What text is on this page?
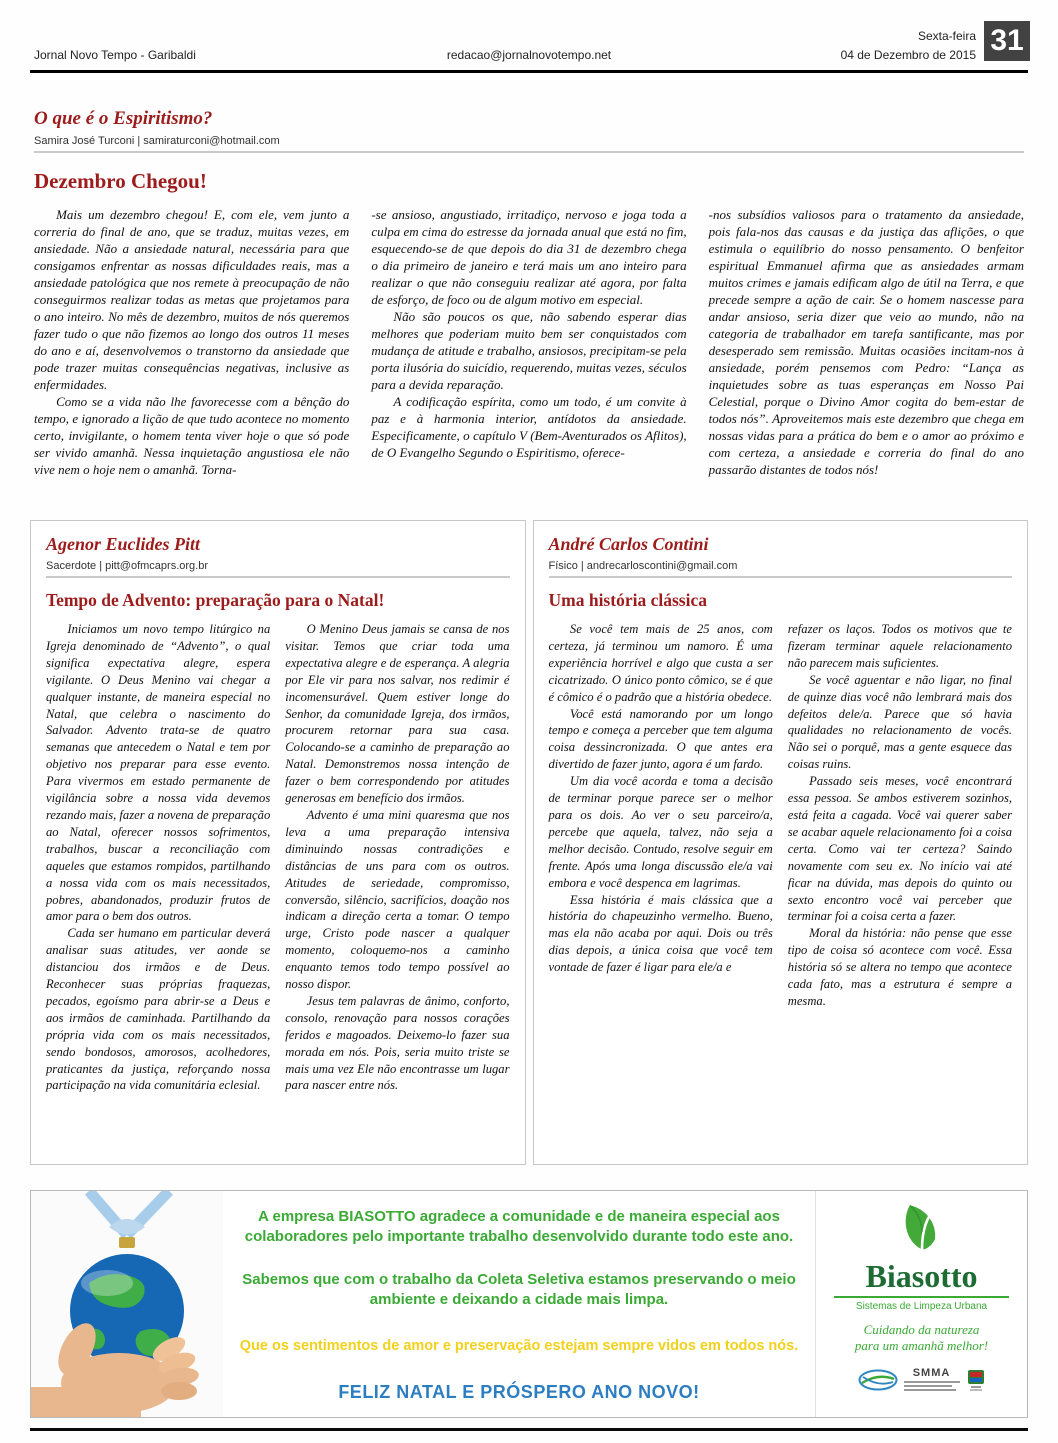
Jornal Novo Tempo - Garibaldi	redacao@jornalnovotempo.net
Sexta-feira
04 de Dezembro de 2015 31
O que é o Espiritismo?
Samira José Turconi | samiraturconi@hotmail.com
Dezembro Chegou!

Mais um dezembro chegou! E, com ele, vem junto a correria do final de ano, que se traduz, muitas vezes, em ansiedade. Não a ansiedade natural, necessária para que consigamos enfrentar as nossas dificuldades reais, mas a ansiedade patológica que nos remete à preocupação de não conseguirmos realizar todas as metas que projetamos para o ano inteiro. No mês de dezembro, muitos de nós queremos fazer tudo o que não fizemos ao longo dos outros 11 meses do ano e aí, desenvolvemos o transtorno da ansiedade que pode trazer muitas consequências negativas, inclusive as enfermidades.

Como se a vida não lhe favorecesse com a bênção do tempo, e ignorado a lição de que tudo acontece no momento certo, invigilante, o homem tenta viver hoje o que só pode ser vivido amanhã. Nessa inquietação angustiosa ele não vive nem o hoje nem o amanhã. Torna-

-se ansioso, angustiado, irritadiço, nervoso e joga toda a culpa em cima do estresse da jornada anual que está no fim, esquecendo-se de que depois do dia 31 de dezembro chega o dia primeiro de janeiro e terá mais um ano inteiro para realizar o que não conseguiu realizar até agora, por falta de esforço, de foco ou de algum motivo em especial.

Não são poucos os que, não sabendo esperar dias melhores que poderiam muito bem ser conquistados com mudança de atitude e trabalho, ansiosos, precipitam-se pela porta ilusória do suicídio, requerendo, muitas vezes, séculos para a devida reparação.

A codificação espírita, como um todo, é um convite à paz e à harmonia interior, antídotos da ansiedade. Especificamente, o capítulo V (Bem-Aventurados os Aflitos), de O Evangelho Segundo o Espiritismo, oferece-

-nos subsídios valiosos para o tratamento da ansiedade, pois fala-nos das causas e da justiça das aflições, o que estimula o equilíbrio do nosso pensamento. O benfeitor espiritual Emmanuel afirma que as ansiedades armam muitos crimes e jamais edificam algo de útil na Terra, e que precede sempre a ação de cair. Se o homem nascesse para andar ansioso, seria dizer que veio ao mundo, não na categoria de trabalhador em tarefa santificante, mas por desesperado sem remissão. Muitas ocasiões incitam-nos à ansiedade, porém pensemos com Pedro: “Lança as inquietudes sobre as tuas esperanças em Nosso Pai Celestial, porque o Divino Amor cogita do bem-estar de todos nós”. Aproveitemos mais este dezembro que chega em nossas vidas para a prática do bem e o amor ao próximo e com certeza, a ansiedade e correria do final do ano passarão distantes de todos nós!

Agenor Euclides Pitt
Sacerdote | pitt@ofmcaprs.org.br
Tempo de Advento: preparação para o Natal!

Iniciamos um novo tempo litúrgico na Igreja denominado de “Advento”, o qual significa expectativa alegre, espera vigilante. O Deus Menino vai chegar a qualquer instante, de maneira especial no Natal, que celebra o nascimento do Salvador. Advento trata-se de quatro semanas que antecedem o Natal e tem por objetivo nos preparar para esse evento. Para vivermos em estado permanente de vigilância sobre a nossa vida devemos rezando mais, fazer a novena de preparação ao Natal, oferecer nossos sofrimentos, trabalhos, buscar a reconciliação com aqueles que estamos rompidos, partilhando a nossa vida com os mais necessitados, pobres, abandonados, produzir frutos de amor para o bem dos outros.

Cada ser humano em particular deverá analisar suas atitudes, ver aonde se distanciou dos irmãos e de Deus. Reconhecer suas próprias fraquezas, pecados, egoísmo para abrir-se a Deus e aos irmãos de caminhada. Partilhando da própria vida com os mais necessitados, sendo bondosos, amorosos, acolhedores, praticantes da justiça, reforçando nossa participação na vida comunitária eclesial.

O Menino Deus jamais se cansa de nos visitar. Temos que criar toda uma expectativa alegre e de esperança. A alegria por Ele vir para nos salvar, nos redimir é incomensurável. Quem estiver longe do Senhor, da comunidade Igreja, dos irmãos, procurem retornar para sua casa. Colocando-se a caminho de preparação ao Natal. Demonstremos nossa intenção de fazer o bem correspondendo por atitudes generosas em benefício dos irmãos.

Advento é uma mini quaresma que nos leva a uma preparação intensiva diminuindo nossas contradições e distâncias de uns para com os outros. Atitudes de seriedade, compromisso, conversão, silêncio, sacrifícios, doação nos indicam a direção certa a tomar. O tempo urge, Cristo pode nascer a qualquer momento, coloquemo-nos a caminho enquanto temos todo tempo possível ao nosso dispor.

Jesus tem palavras de ânimo, conforto, consolo, renovação para nossos corações feridos e magoados. Deixemo-lo fazer sua morada em nós. Pois, seria muito triste se mais uma vez Ele não encontrasse um lugar para nascer entre nós.

André Carlos Contini
Físico | andrecarloscontini@gmail.com
Uma história clássica

Se você tem mais de 25 anos, com certeza, já terminou um namoro. É uma experiência horrível e algo que custa a ser cicatrizado. O único ponto cômico, se é que é cômico é o padrão que a história obedece.

Você está namorando por um longo tempo e começa a perceber que tem alguma coisa dessincronizada. O que antes era divertido de fazer junto, agora é um fardo.

Um dia você acorda e toma a decisão de terminar porque parece ser o melhor para os dois. Ao ver o seu parceiro/a, percebe que aquela, talvez, não seja a melhor decisão. Contudo, resolve seguir em frente. Após uma longa discussão ele/a vai embora e você despenca em lagrimas.

Essa história é mais clássica que a história do chapeuzinho vermelho. Bueno, mas ela não acaba por aqui. Dois ou três dias depois, a única coisa que você tem vontade de fazer é ligar para ele/a e

refazer os laços. Todos os motivos que te fizeram terminar aquele relacionamento não parecem mais suficientes.

Se você aguentar e não ligar, no final de quinze dias você não lembrará mais dos defeitos dele/a. Parece que só havia qualidades no relacionamento de vocês. Não sei o porquê, mas a gente esquece das coisas ruins.

Passado seis meses, você encontrará essa pessoa. Se ambos estiverem sozinhos, está feita a cagada. Você vai querer saber se acabar aquele relacionamento foi a coisa certa. Como vai ter certeza? Saindo novamente com seu ex. No início vai até ficar na dúvida, mas depois do quinto ou sexto encontro você vai perceber que terminar foi a coisa certa a fazer.

Moral da história: não pense que esse tipo de coisa só acontece com você. Essa história só se altera no tempo que acontece cada fato, mas a estrutura é sempre a mesma.

A empresa BIASOTTO agradece a comunidade e de maneira especial aos colaboradores pelo importante trabalho desenvolvido durante todo este ano.

Sabemos que com o trabalho da Coleta Seletiva estamos preservando o meio ambiente e deixando a cidade mais limpa.

Que os sentimentos de amor e preservação estejam sempre vidos em todos nós.

FELIZ NATAL E PRÓSPERO ANO NOVO!

Biasotto
Sistemas de Limpeza Urbana
Cuidando da natureza
para um amanhã melhor!
SMMA
